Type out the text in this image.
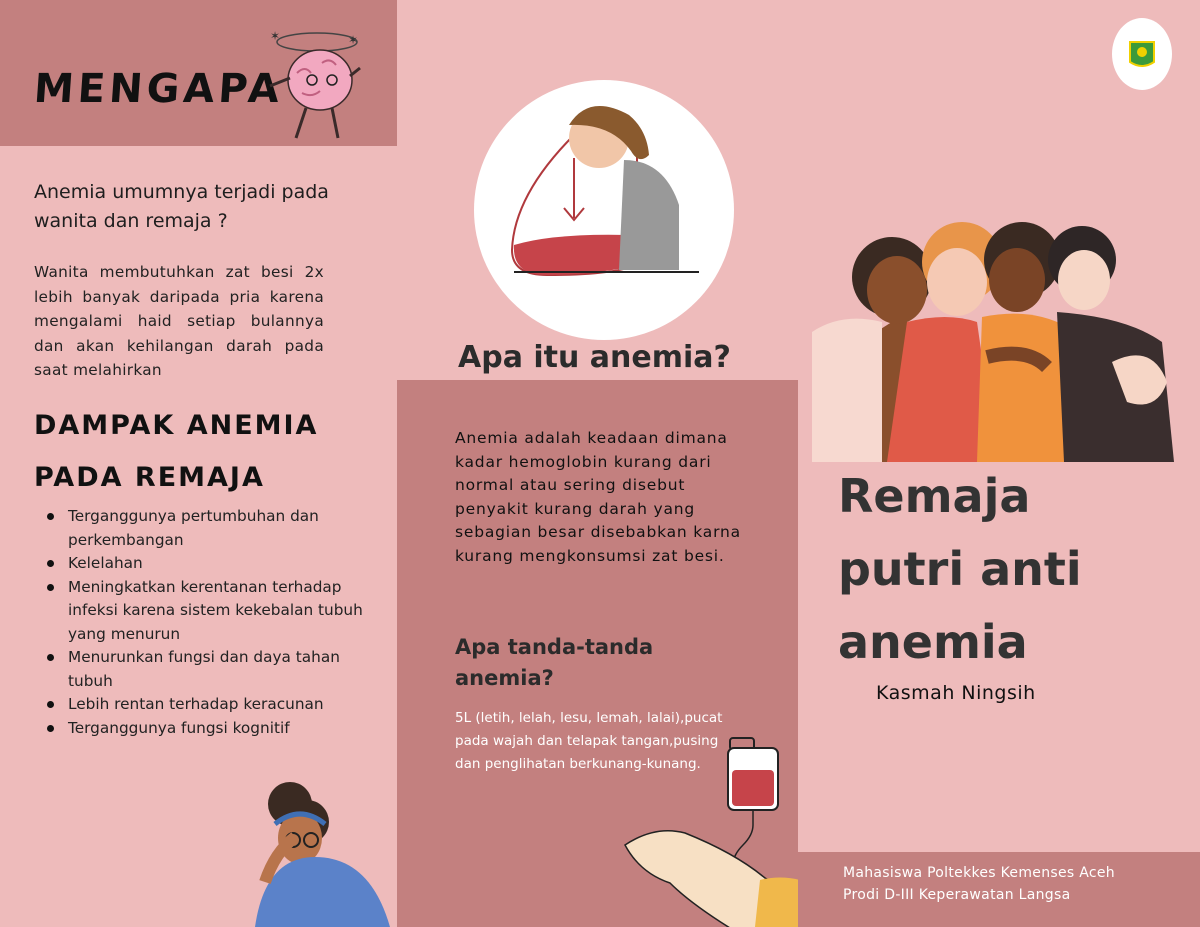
MENGAPA
✶	✶
Anemia umumnya terjadi pada wanita dan remaja ?
Wanita membutuhkan zat besi 2x lebih banyak daripada pria karena mengalami haid setiap bulannya dan akan kehilangan darah pada saat melahirkan
DAMPAK ANEMIA PADA REMAJA
Terganggunya pertumbuhan dan perkembangan
Kelelahan
Meningkatkan kerentanan terhadap infeksi karena sistem kekebalan tubuh yang menurun
Menurunkan fungsi dan daya tahan tubuh
Lebih rentan terhadap keracunan
Terganggunya fungsi kognitif
Apa itu anemia?
Anemia adalah keadaan dimana kadar hemoglobin kurang dari normal atau sering disebut penyakit kurang darah yang sebagian besar disebabkan karna kurang mengkonsumsi zat besi.
Apa tanda-tanda anemia?
5L (letih, lelah, lesu, lemah, lalai),pucat pada wajah dan telapak tangan,pusing dan penglihatan berkunang-kunang.
Remaja putri anti anemia
Kasmah Ningsih
Mahasiswa Poltekkes Kemenses Aceh
Prodi D-III Keperawatan Langsa
